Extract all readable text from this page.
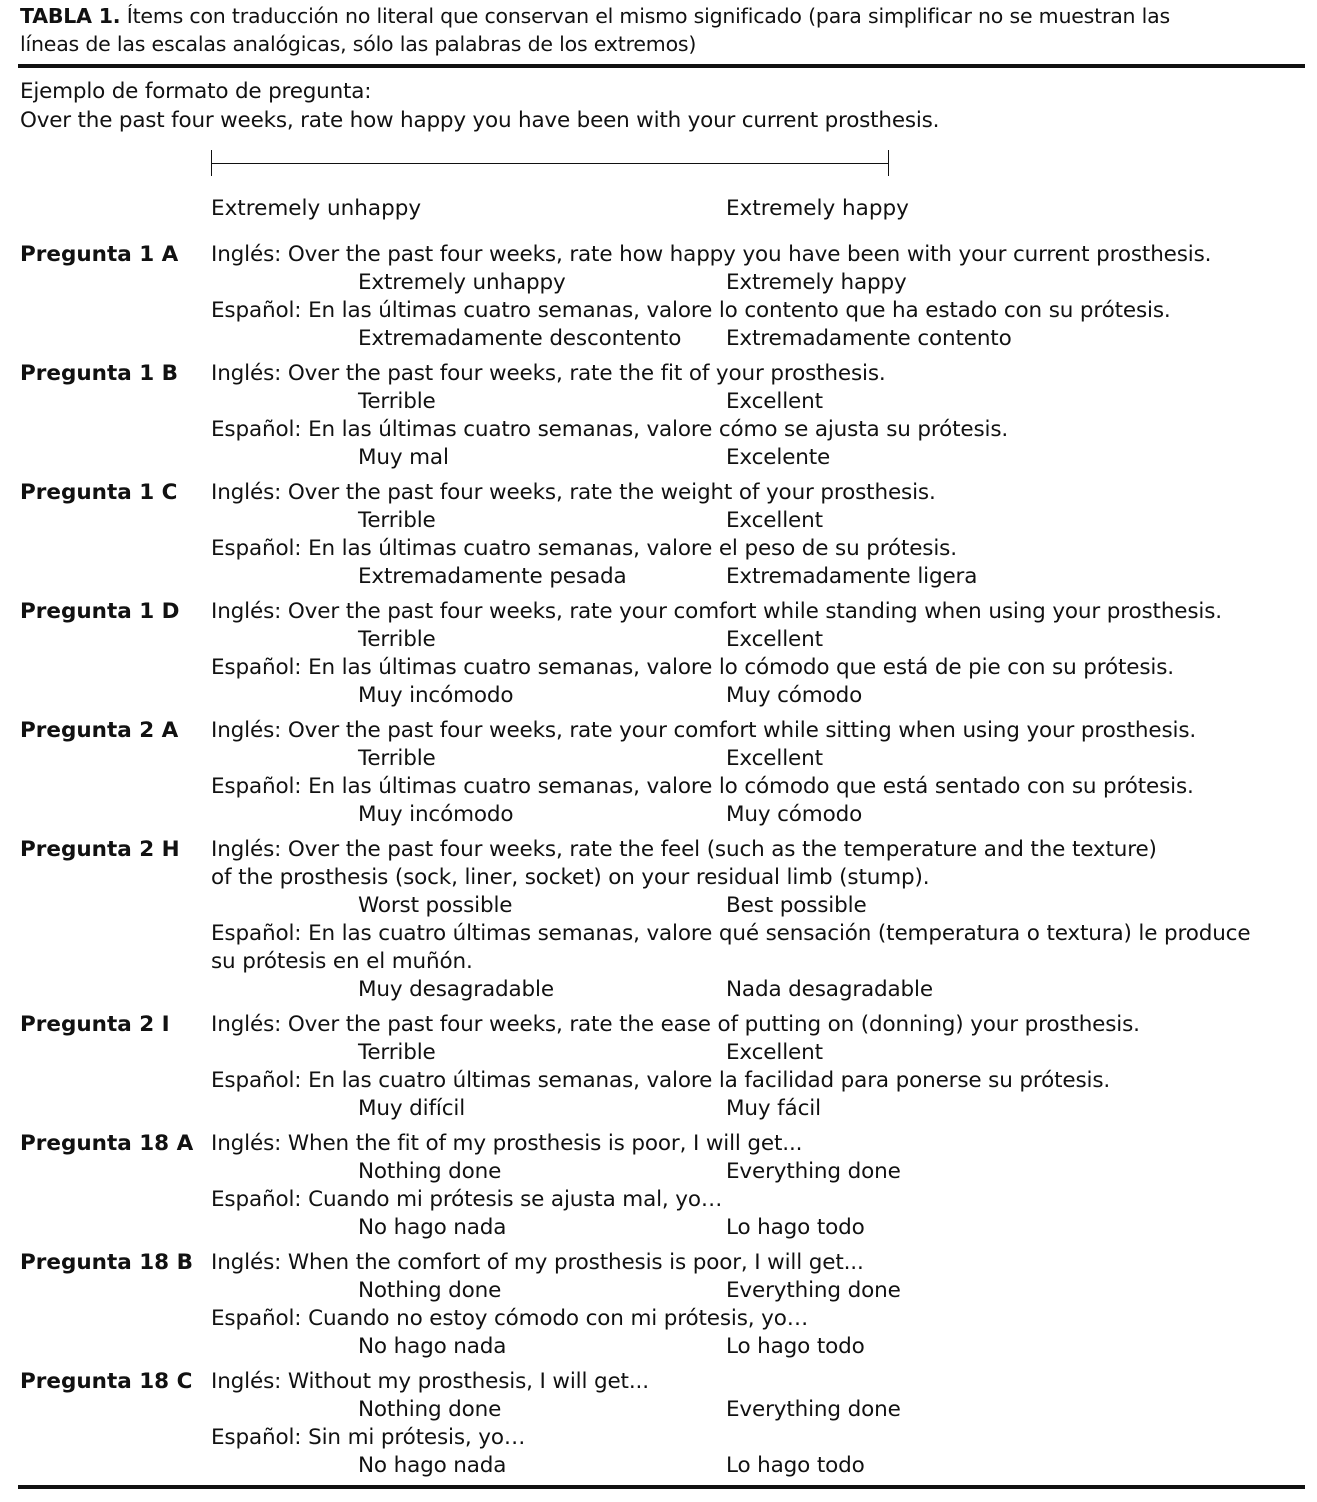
TABLA 1. Ítems con traducción no literal que conservan el mismo significado (para simplificar no se muestran las líneas de las escalas analógicas, sólo las palabras de los extremos)
Ejemplo de formato de pregunta:
Over the past four weeks, rate how happy you have been with your current prosthesis.
Extremely unhappy	Extremely happy
Pregunta 1 A Inglés: Over the past four weeks, rate how happy you have been with your current prosthesis.
Extremely unhappy	Extremely happy
Español: En las últimas cuatro semanas, valore lo contento que ha estado con su prótesis.
Extremadamente descontento Extremadamente contento
Pregunta 1 B Inglés: Over the past four weeks, rate the fit of your prosthesis.
Terrible	Excellent
Español: En las últimas cuatro semanas, valore cómo se ajusta su prótesis.
Muy mal	Excelente
Pregunta 1 C Inglés: Over the past four weeks, rate the weight of your prosthesis.
Terrible	Excellent
Español: En las últimas cuatro semanas, valore el peso de su prótesis.
Extremadamente pesada	Extremadamente ligera
Pregunta 1 D Inglés: Over the past four weeks, rate your comfort while standing when using your prosthesis.
Terrible	Excellent
Español: En las últimas cuatro semanas, valore lo cómodo que está de pie con su prótesis.
Muy incómodo	Muy cómodo
Pregunta 2 A Inglés: Over the past four weeks, rate your comfort while sitting when using your prosthesis.
Terrible	Excellent
Español: En las últimas cuatro semanas, valore lo cómodo que está sentado con su prótesis.
Muy incómodo	Muy cómodo
Pregunta 2 H Inglés: Over the past four weeks, rate the feel (such as the temperature and the texture)
of the prosthesis (sock, liner, socket) on your residual limb (stump).
Worst possible	Best possible
Español: En las cuatro últimas semanas, valore qué sensación (temperatura o textura) le produce
su prótesis en el muñón.
Muy desagradable	Nada desagradable
Pregunta 2 I Inglés: Over the past four weeks, rate the ease of putting on (donning) your prosthesis.
Terrible	Excellent
Español: En las cuatro últimas semanas, valore la facilidad para ponerse su prótesis.
Muy difícil	Muy fácil
Pregunta 18 A Inglés: When the fit of my prosthesis is poor, I will get...
Nothing done	Everything done
Español: Cuando mi prótesis se ajusta mal, yo…
No hago nada	Lo hago todo
Pregunta 18 B Inglés: When the comfort of my prosthesis is poor, I will get...
Nothing done	Everything done
Español: Cuando no estoy cómodo con mi prótesis, yo…
No hago nada	Lo hago todo
Pregunta 18 C Inglés: Without my prosthesis, I will get...
Nothing done	Everything done
Español: Sin mi prótesis, yo…
No hago nada	Lo hago todo
